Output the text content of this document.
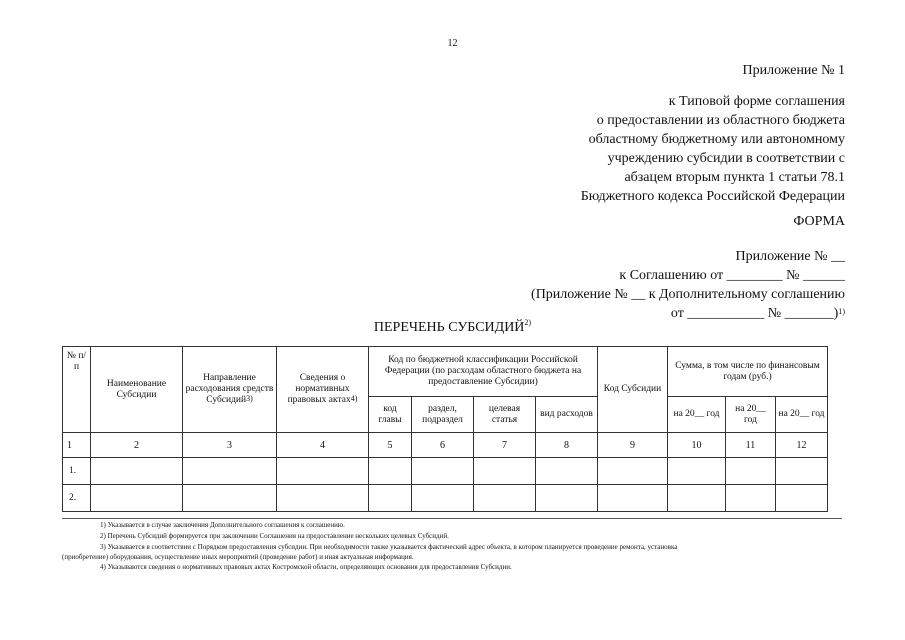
12
Приложение № 1
к Типовой форме соглашения
о предоставлении из областного бюджета
областному бюджетному или автономному
учреждению субсидии в соответствии с
абзацем вторым пункта 1 статьи 78.1
Бюджетного кодекса Российской Федерации
ФОРМА
Приложение № __
к Соглашению от ________ № ______
(Приложение № __ к Дополнительному соглашению
от ___________ № _______)$^{1)}$
ПЕРЕЧЕНЬ СУБСИДИЙ$^{2)}$
№ п/п	Наименование Субсидии	Направление расходования средств Субсидий$^{3)}$	Сведения о нормативных правовых актах$^{4)}$	Код по бюджетной классификации Российской Федерации (по расходам областного бюджета на предоставление Субсидии)				Код Субсидии	Сумма, в том числе по финансовым годам (руб.)		
				код главы	раздел, подраздел	целевая статья	вид расходов		на 20__ год	на 20__ год	на 20__ год
1	2	3	4	5	6	7	8	9	10	11	12
1.											
2.											
1) Указывается в случае заключения Дополнительного соглашения к соглашению.
2) Перечень Субсидий формируется при заключении Соглашения на предоставление нескольких целевых Субсидий.
3) Указывается в соответствии с Порядком предоставления субсидии. При необходимости также указывается фактический адрес объекта, в котором планируется проведение ремонта, установка
(приобретение) оборудования, осуществление иных мероприятий (проведение работ) и иная актуальная информация.
4) Указываются сведения о нормативных правовых актах Костромской области, определяющих основания для предоставления Субсидии.
